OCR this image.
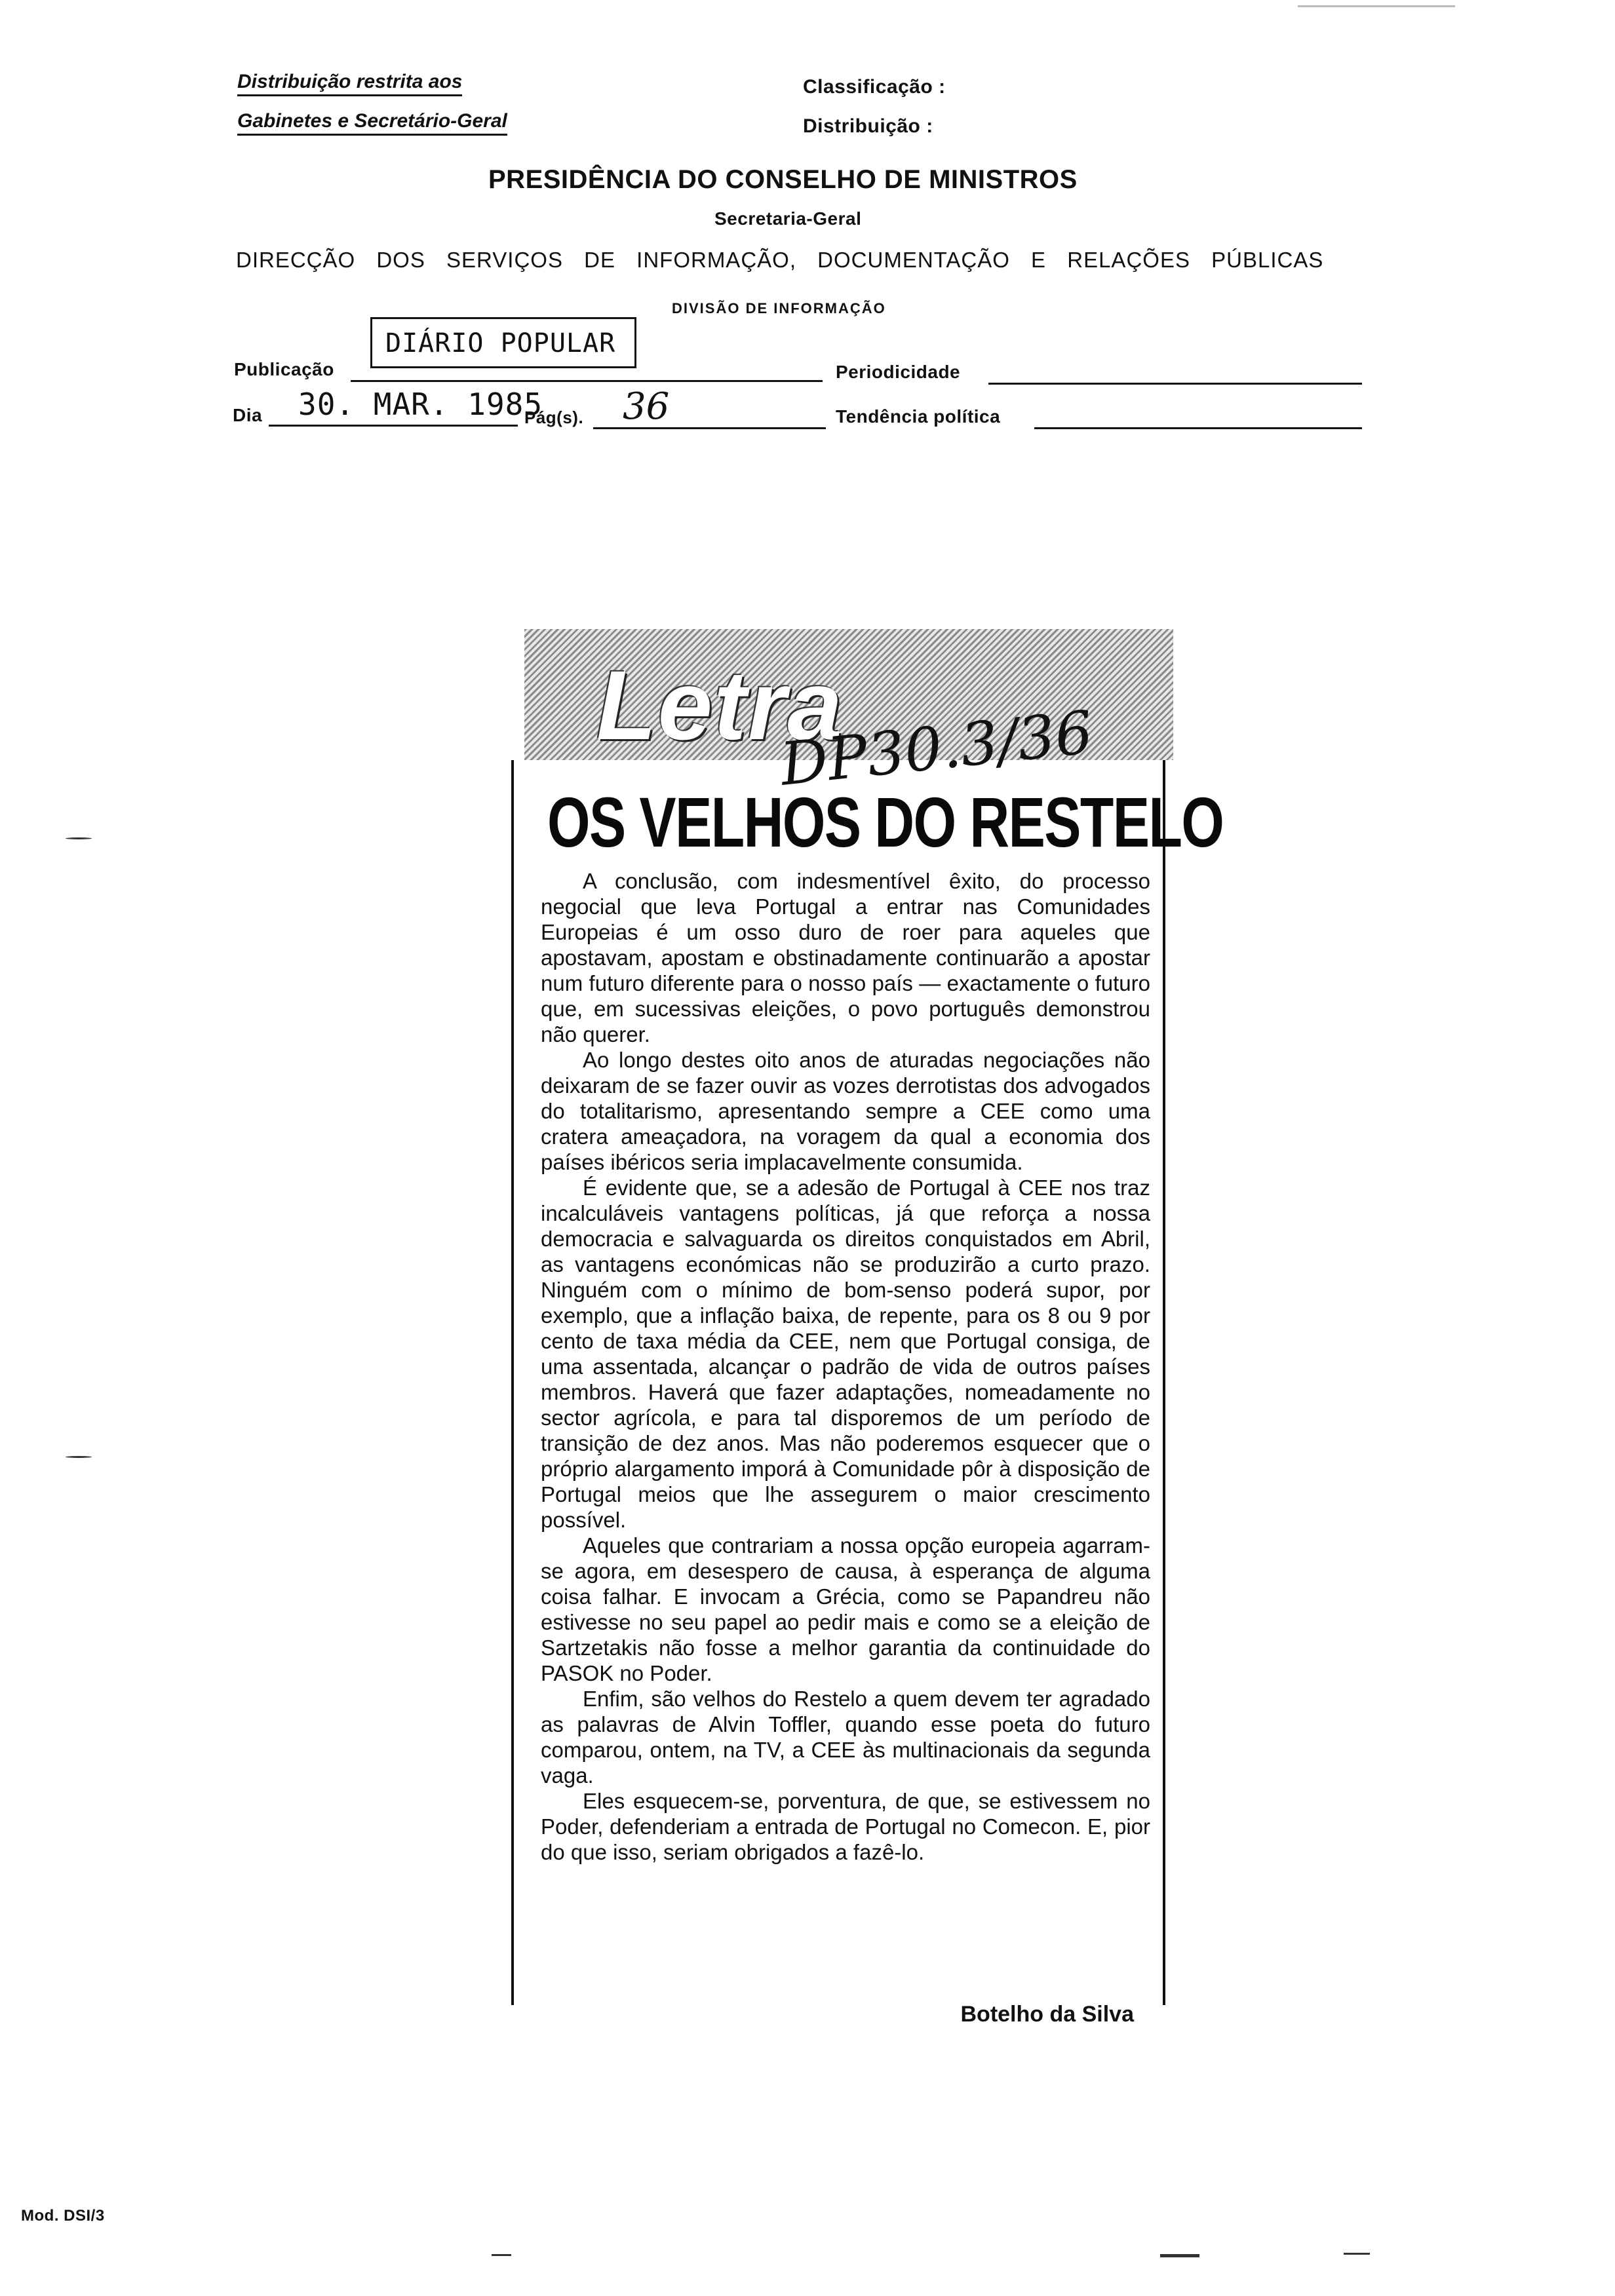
Distribuição restrita aos
Gabinetes e Secretário-Geral
Classificação :
Distribuição :
PRESIDÊNCIA DO CONSELHO DE MINISTROS
Secretaria-Geral
DIRECÇÃO DOS SERVIÇOS DE INFORMAÇÃO, DOCUMENTAÇÃO E RELAÇÕES PÚBLICAS
DIVISÃO DE INFORMAÇÃO
Publicação
DIÁRIO POPULAR
Periodicidade
Dia 30. MAR. 1985
Pág(s). 36	Tendência política
Letra
DP30.3/36
OS VELHOS DO RESTELO

A conclusão, com indesmentível êxito, do processo negocial que leva Portugal a entrar nas Comunidades Europeias é um osso duro de roer para aqueles que apostavam, apostam e obstinadamente continuarão a apostar num futuro diferente para o nosso país — exactamente o futuro que, em sucessivas eleições, o povo português demonstrou não querer.

Ao longo destes oito anos de aturadas negociações não deixaram de se fazer ouvir as vozes derrotistas dos advogados do totalitarismo, apresentando sempre a CEE como uma cratera ameaçadora, na voragem da qual a economia dos países ibéricos seria implacavelmente consumida.

É evidente que, se a adesão de Portugal à CEE nos traz incalculáveis vantagens políticas, já que reforça a nossa democracia e salvaguarda os direitos conquistados em Abril, as vantagens económicas não se produzirão a curto prazo. Ninguém com o mínimo de bom-senso poderá supor, por exemplo, que a inflação baixa, de repente, para os 8 ou 9 por cento de taxa média da CEE, nem que Portugal consiga, de uma assentada, alcançar o padrão de vida de outros países membros. Haverá que fazer adaptações, nomeadamente no sector agrícola, e para tal disporemos de um período de transição de dez anos. Mas não poderemos esquecer que o próprio alargamento imporá à Comunidade pôr à disposição de Portugal meios que lhe assegurem o maior crescimento possível.

Aqueles que contrariam a nossa opção europeia agarram-se agora, em desespero de causa, à esperança de alguma coisa falhar. E invocam a Grécia, como se Papandreu não estivesse no seu papel ao pedir mais e como se a eleição de Sartzetakis não fosse a melhor garantia da continuidade do PASOK no Poder.

Enfim, são velhos do Restelo a quem devem ter agradado as palavras de Alvin Toffler, quando esse poeta do futuro comparou, ontem, na TV, a CEE às multinacionais da segunda vaga.

Eles esquecem-se, porventura, de que, se estivessem no Poder, defenderiam a entrada de Portugal no Comecon. E, pior do que isso, seriam obrigados a fazê-lo.

Botelho da Silva
Mod. DSI/3
